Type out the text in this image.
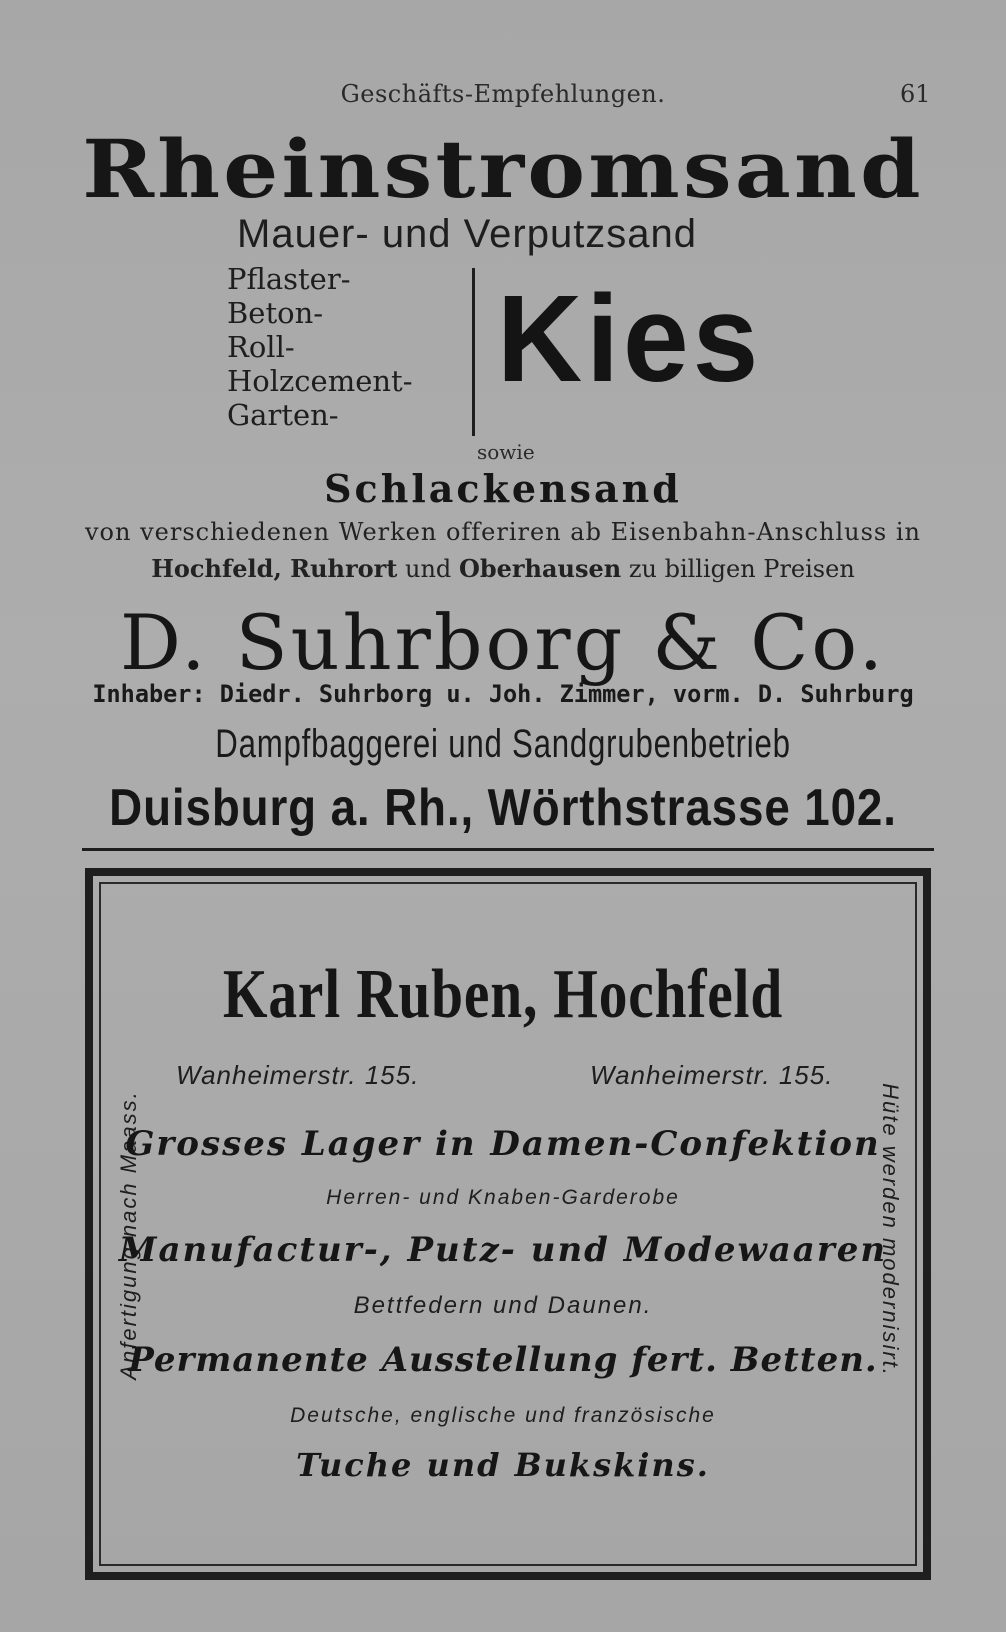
Geschäfts-Empfehlungen.	61
Rheinstromsand
Mauer- und Verputzsand
Pflaster-
Beton-
Roll-
Holzcement-
Garten-
Kies
sowie
Schlackensand
von verschiedenen Werken offeriren ab Eisenbahn-Anschluss in
Hochfeld, Ruhrort und Oberhausen zu billigen Preisen
D. Suhrborg & Co.
Inhaber: Diedr. Suhrborg u. Joh. Zimmer, vorm. D. Suhrburg
Dampfbaggerei und Sandgrubenbetrieb
Duisburg a. Rh., Wörthstrasse 102.
Karl Ruben, Hochfeld
Wanheimerstr. 155.	Wanheimerstr. 155.
Anfertigung nach Maass.	Hüte werden modernisirt.
Grosses Lager in Damen-Confektion
Herren- und Knaben-Garderobe
Manufactur-, Putz- und Modewaaren
Bettfedern und Daunen.
Permanente Ausstellung fert. Betten.
Deutsche, englische und französische
Tuche und Bukskins.
